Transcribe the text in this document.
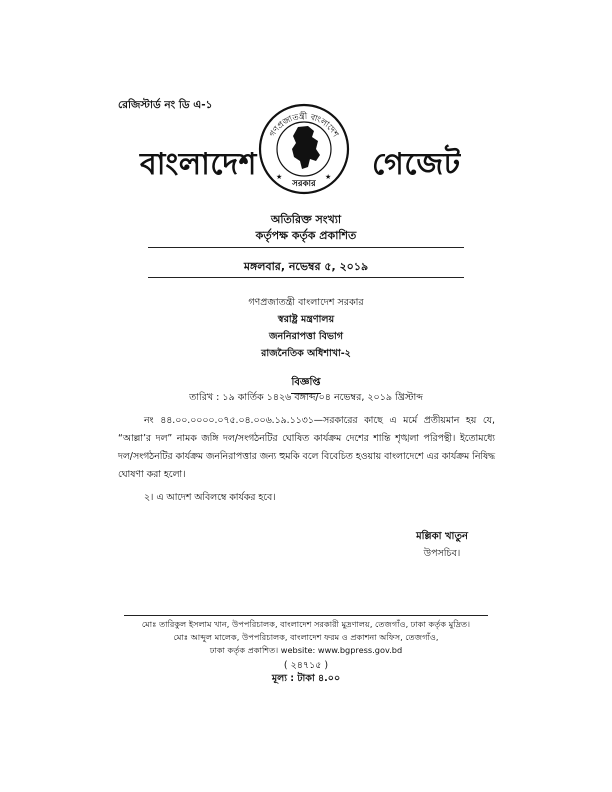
রেজিস্টার্ড নং ডি এ-১
বাংলাদেশ
গণপ্রজাতন্ত্রী বাংলাদেশ
সরকার
★	★ গেজেট
অতিরিক্ত সংখ্যা
কর্তৃপক্ষ কর্তৃক প্রকাশিত
মঙ্গলবার, নভেম্বর ৫, ২০১৯
গণপ্রজাতন্ত্রী বাংলাদেশ সরকার
স্বরাষ্ট্র মন্ত্রণালয়
জননিরাপত্তা বিভাগ
রাজনৈতিক অধিশাখা-২
বিজ্ঞপ্তি
তারিখ : ১৯ কার্তিক ১৪২৬ বঙ্গাব্দ/০৪ নভেম্বর, ২০১৯ খ্রিস্টাব্দ

নং ৪৪.০০.০০০০.০৭৫.০৪.০০৬.১৯.১১৩১—সরকারের কাছে এ মর্মে প্রতীয়মান হয় যে, “আল্লা’র দল” নামক জঙ্গি দল/সংগঠনটির ঘোষিত কার্যক্রম দেশের শান্তি শৃঙ্খলা পরিপন্থী। ইতোমধ্যে দল/সংগঠনটির কার্যক্রম জননিরাপত্তার জন্য হুমকি বলে বিবেচিত হওয়ায় বাংলাদেশে এর কার্যক্রম নিষিদ্ধ ঘোষণা করা হলো।

২। এ আদেশ অবিলম্বে কার্যকর হবে।
মল্লিকা খাতুন
উপসচিব।
মোঃ তারিকুল ইসলাম খান, উপপরিচালক, বাংলাদেশ সরকারী মুদ্রণালয়, তেজগাঁও, ঢাকা কর্তৃক মুদ্রিত।
মোঃ আব্দুল মালেক, উপপরিচালক, বাংলাদেশ ফরম ও প্রকাশনা অফিস, তেজগাঁও,
ঢাকা কর্তৃক প্রকাশিত। website: www.bgpress.gov.bd
( ২৪৭১৫ )
মূল্য : টাকা ৪.০০
